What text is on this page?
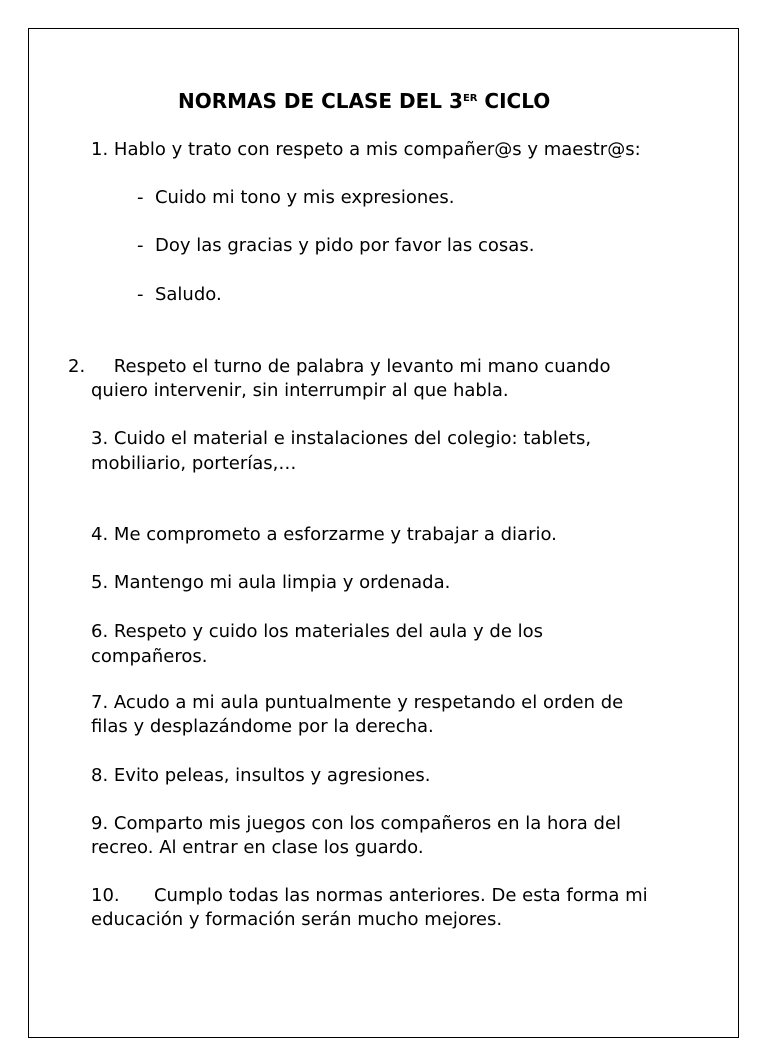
NORMAS DE CLASE DEL 3ER CICLO
1. Hablo y trato con respeto a mis compañer@s y maestr@s:
- Cuido mi tono y mis expresiones.
- Doy las gracias y pido por favor las cosas.
- Saludo.
2. Respeto el turno de palabra y levanto mi mano cuando
quiero intervenir, sin interrumpir al que habla.
3. Cuido el material e instalaciones del colegio: tablets,
mobiliario, porterías,…
4. Me comprometo a esforzarme y trabajar a diario.
5. Mantengo mi aula limpia y ordenada.
6. Respeto y cuido los materiales del aula y de los
compañeros.
7. Acudo a mi aula puntualmente y respetando el orden de
filas y desplazándome por la derecha.
8. Evito peleas, insultos y agresiones.
9. Comparto mis juegos con los compañeros en la hora del
recreo. Al entrar en clase los guardo.
10. Cumplo todas las normas anteriores. De esta forma mi
educación y formación serán mucho mejores.
